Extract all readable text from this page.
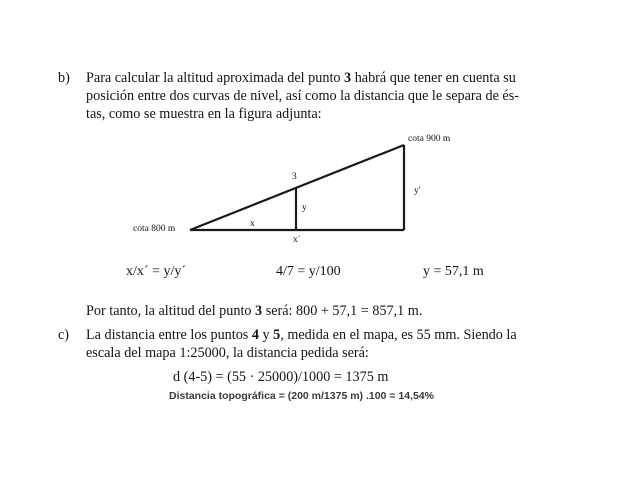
b) Para calcular la altitud aproximada del punto 3 habrá que tener en cuenta su
posición entre dos curvas de nivel, así como la distancia que le separa de és-
tas, como se muestra en la figura adjunta:
cota 900 m
cota 800 m
3
y'
y
x
x´
x/x´ = y/y´	4/7 = y/100	y = 57,1 m
Por tanto, la altitud del punto 3 será: 800 + 57,1 = 857,1 m.
c) La distancia entre los puntos 4 y 5, medida en el mapa, es 55 mm. Siendo la
escala del mapa 1:25000, la distancia pedida será:
d (4-5) = (55 · 25000)/1000 = 1375 m
Distancia topográfica = (200 m/1375 m) .100 = 14,54%
